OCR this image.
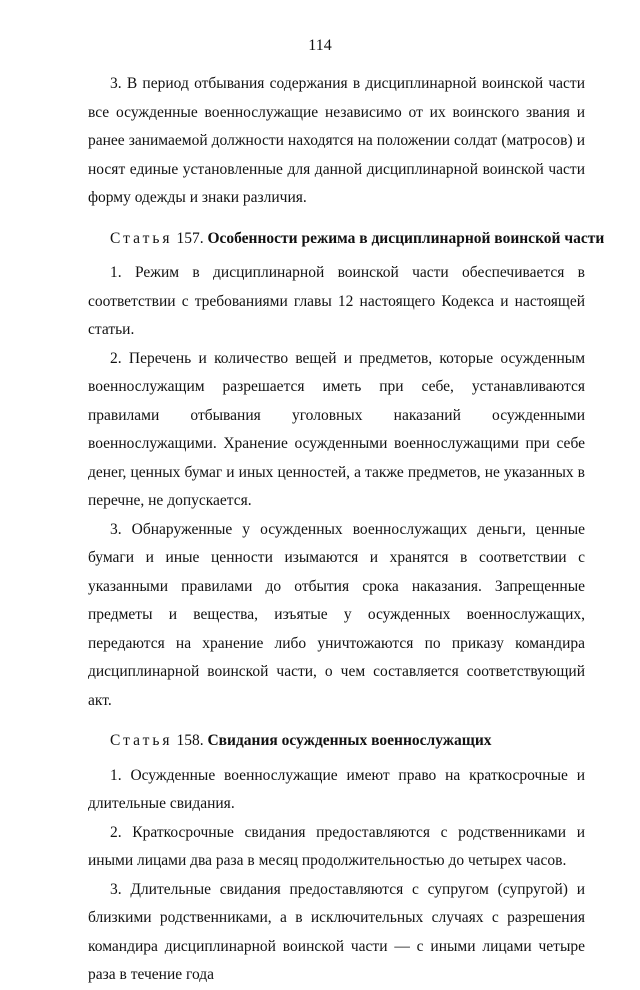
114

3. В период отбывания содержания в дисциплинарной воинской части все осужденные военнослужащие независимо от их воинского звания и ранее занимаемой должности находятся на положении солдат (матросов) и носят единые установленные для данной дисциплинарной воинской части форму одежды и знаки различия.

Статья 157. Особенности режима в дисциплинарной воинской части

1. Режим в дисциплинарной воинской части обеспечивается в соответствии с требованиями главы 12 настоящего Кодекса и настоящей статьи.

2. Перечень и количество вещей и предметов, которые осужденным военнослужащим разрешается иметь при себе, устанавливаются правилами отбывания уголовных наказаний осужденными военнослужащими. Хранение осужденными военнослужащими при себе денег, ценных бумаг и иных ценностей, а также предметов, не указанных в перечне, не допускается.

3. Обнаруженные у осужденных военнослужащих деньги, ценные бумаги и иные ценности изымаются и хранятся в соответствии с указанными правилами до отбытия срока наказания. Запрещенные предметы и вещества, изъятые у осужденных военнослужащих, передаются на хранение либо уничтожаются по приказу командира дисциплинарной воинской части, о чем составляется соответствующий акт.

Статья 158. Свидания осужденных военнослужащих

1. Осужденные военнослужащие имеют право на краткосрочные и длительные свидания.

2. Краткосрочные свидания предоставляются с родственниками и иными лицами два раза в месяц продолжительностью до четырех часов.

3. Длительные свидания предоставляются с супругом (супругой) и близкими родственниками, а в исключительных случаях с разрешения командира дисциплинарной воинской части — с иными лицами четыре раза в течение года
